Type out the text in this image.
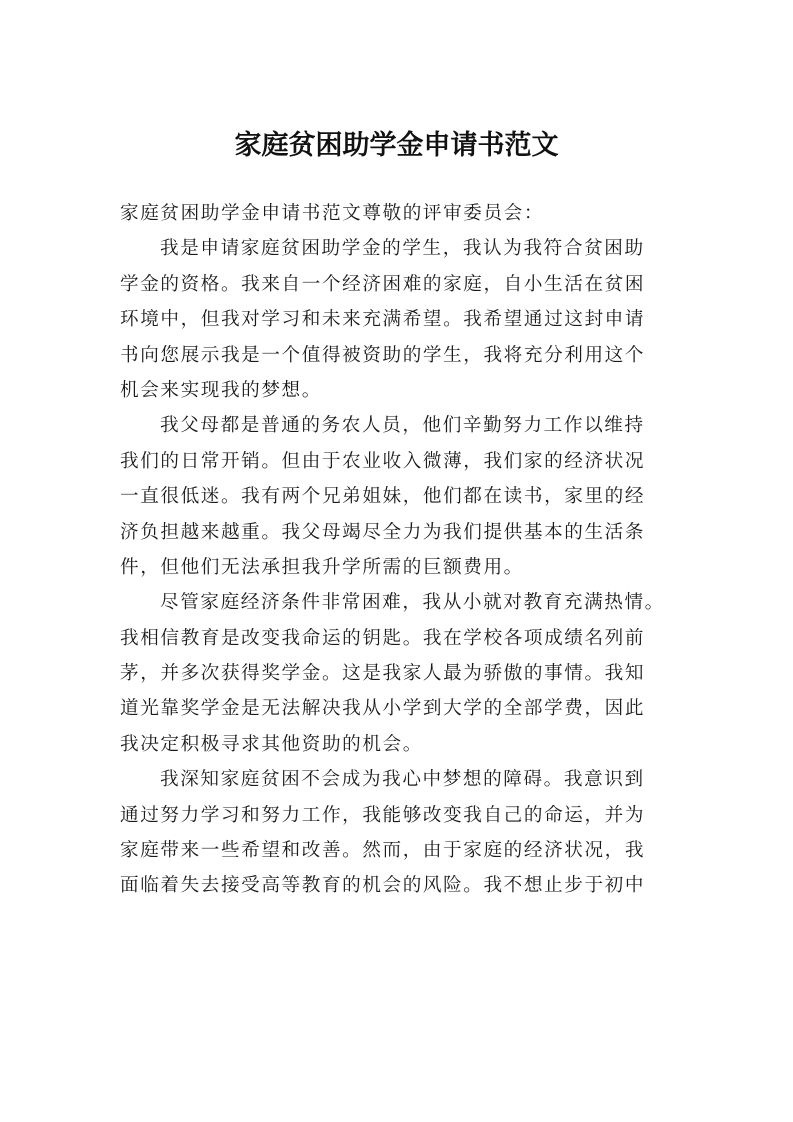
家庭贫困助学金申请书范文
家庭贫困助学金申请书范文尊敬的评审委员会：
我是申请家庭贫困助学金的学生，我认为我符合贫困助
学金的资格。我来自一个经济困难的家庭，自小生活在贫困
环境中，但我对学习和未来充满希望。我希望通过这封申请
书向您展示我是一个值得被资助的学生，我将充分利用这个
机会来实现我的梦想。
我父母都是普通的务农人员，他们辛勤努力工作以维持
我们的日常开销。但由于农业收入微薄，我们家的经济状况
一直很低迷。我有两个兄弟姐妹，他们都在读书，家里的经
济负担越来越重。我父母竭尽全力为我们提供基本的生活条
件，但他们无法承担我升学所需的巨额费用。
尽管家庭经济条件非常困难，我从小就对教育充满热情。
我相信教育是改变我命运的钥匙。我在学校各项成绩名列前
茅，并多次获得奖学金。这是我家人最为骄傲的事情。我知
道光靠奖学金是无法解决我从小学到大学的全部学费，因此
我决定积极寻求其他资助的机会。
我深知家庭贫困不会成为我心中梦想的障碍。我意识到
通过努力学习和努力工作，我能够改变我自己的命运，并为
家庭带来一些希望和改善。然而，由于家庭的经济状况，我
面临着失去接受高等教育的机会的风险。我不想止步于初中
